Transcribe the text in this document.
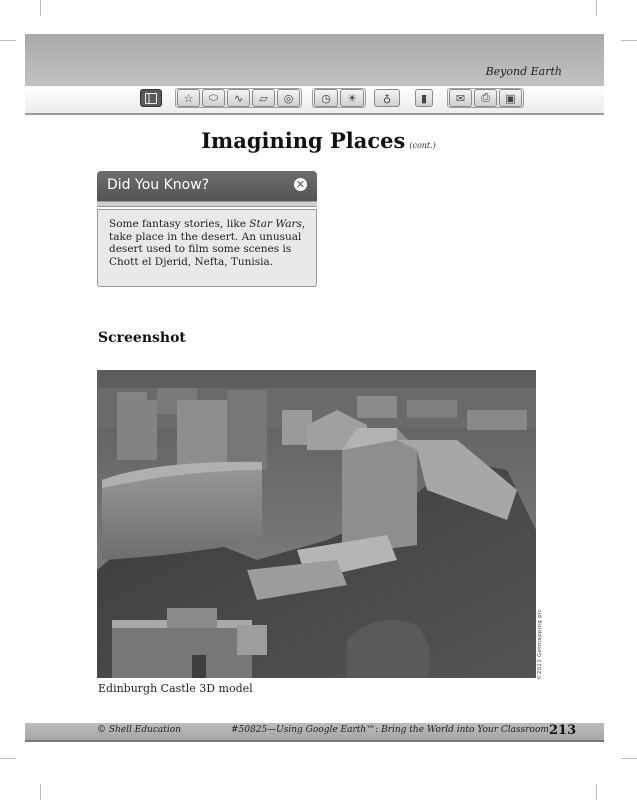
Beyond Earth
☆	⬭	∿	▱	◎	◷	☀	♁	▮	✉	⎙	▣
Imagining Places (cont.)
Did You Know?	✕
Some fantasy stories, like Star Wars, take place in the desert. An unusual desert used to film some scenes is Chott el Djerid, Nefta, Tunisia.
Screenshot
©2011 Getmapping plc
Edinburgh Castle 3D model
© Shell Education	#50825—Using Google Earth™: Bring the World into Your Classroom 213
